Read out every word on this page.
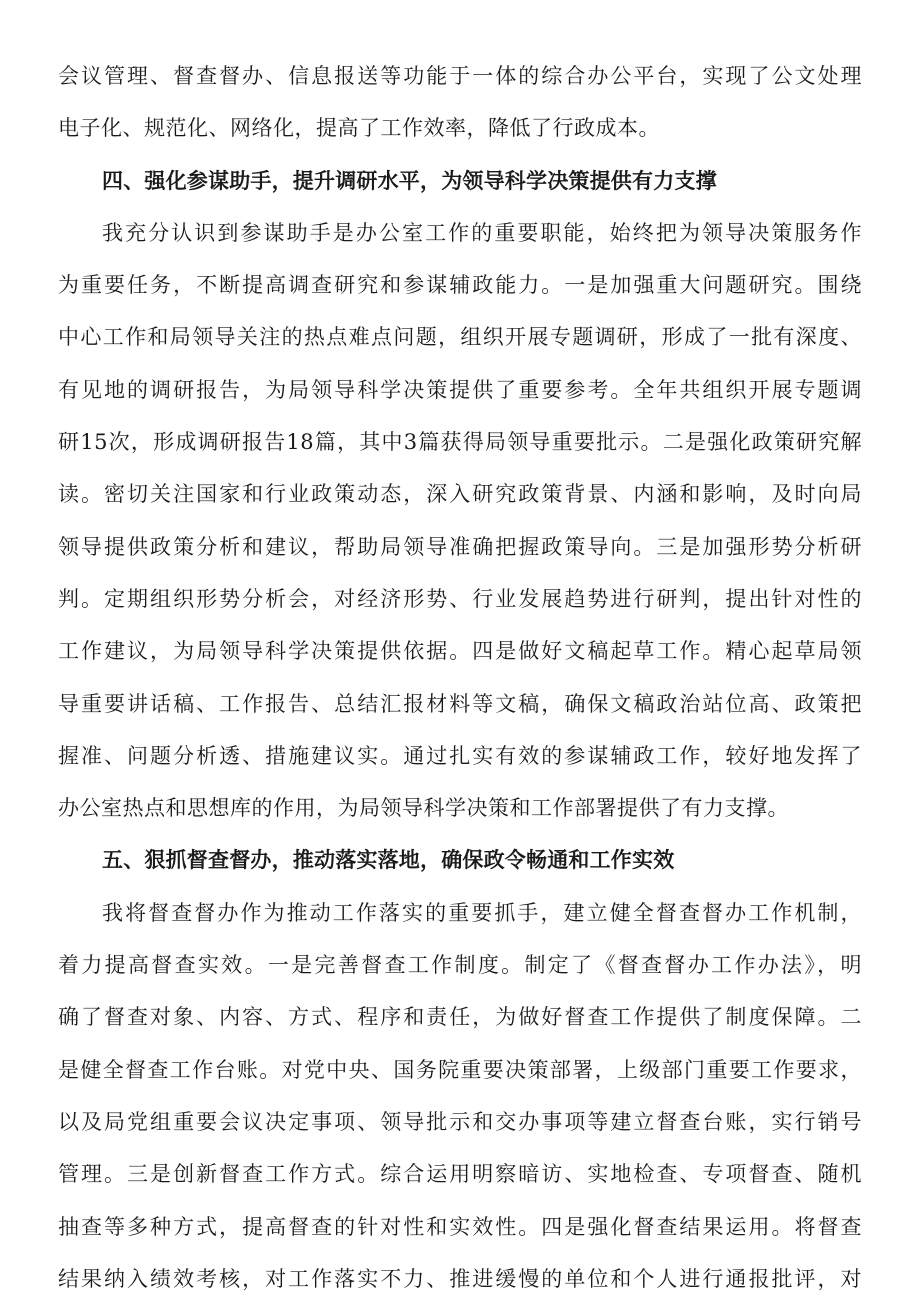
会议管理、督查督办、信息报送等功能于一体的综合办公平台，实现了公文处理
电子化、规范化、网络化，提高了工作效率，降低了行政成本。
四、强化参谋助手，提升调研水平，为领导科学决策提供有力支撑
我充分认识到参谋助手是办公室工作的重要职能，始终把为领导决策服务作
为重要任务，不断提高调查研究和参谋辅政能力。一是加强重大问题研究。围绕
中心工作和局领导关注的热点难点问题，组织开展专题调研，形成了一批有深度、
有见地的调研报告，为局领导科学决策提供了重要参考。全年共组织开展专题调
研15次，形成调研报告18篇，其中3篇获得局领导重要批示。二是强化政策研究解
读。密切关注国家和行业政策动态，深入研究政策背景、内涵和影响，及时向局
领导提供政策分析和建议，帮助局领导准确把握政策导向。三是加强形势分析研
判。定期组织形势分析会，对经济形势、行业发展趋势进行研判，提出针对性的
工作建议，为局领导科学决策提供依据。四是做好文稿起草工作。精心起草局领
导重要讲话稿、工作报告、总结汇报材料等文稿，确保文稿政治站位高、政策把
握准、问题分析透、措施建议实。通过扎实有效的参谋辅政工作，较好地发挥了
办公室热点和思想库的作用，为局领导科学决策和工作部署提供了有力支撑。
五、狠抓督查督办，推动落实落地，确保政令畅通和工作实效
我将督查督办作为推动工作落实的重要抓手，建立健全督查督办工作机制，
着力提高督查实效。一是完善督查工作制度。制定了《督查督办工作办法》，明
确了督查对象、内容、方式、程序和责任，为做好督查工作提供了制度保障。二
是健全督查工作台账。对党中央、国务院重要决策部署，上级部门重要工作要求，
以及局党组重要会议决定事项、领导批示和交办事项等建立督查台账，实行销号
管理。三是创新督查工作方式。综合运用明察暗访、实地检查、专项督查、随机
抽查等多种方式，提高督查的针对性和实效性。四是强化督查结果运用。将督查
结果纳入绩效考核，对工作落实不力、推进缓慢的单位和个人进行通报批评，对
